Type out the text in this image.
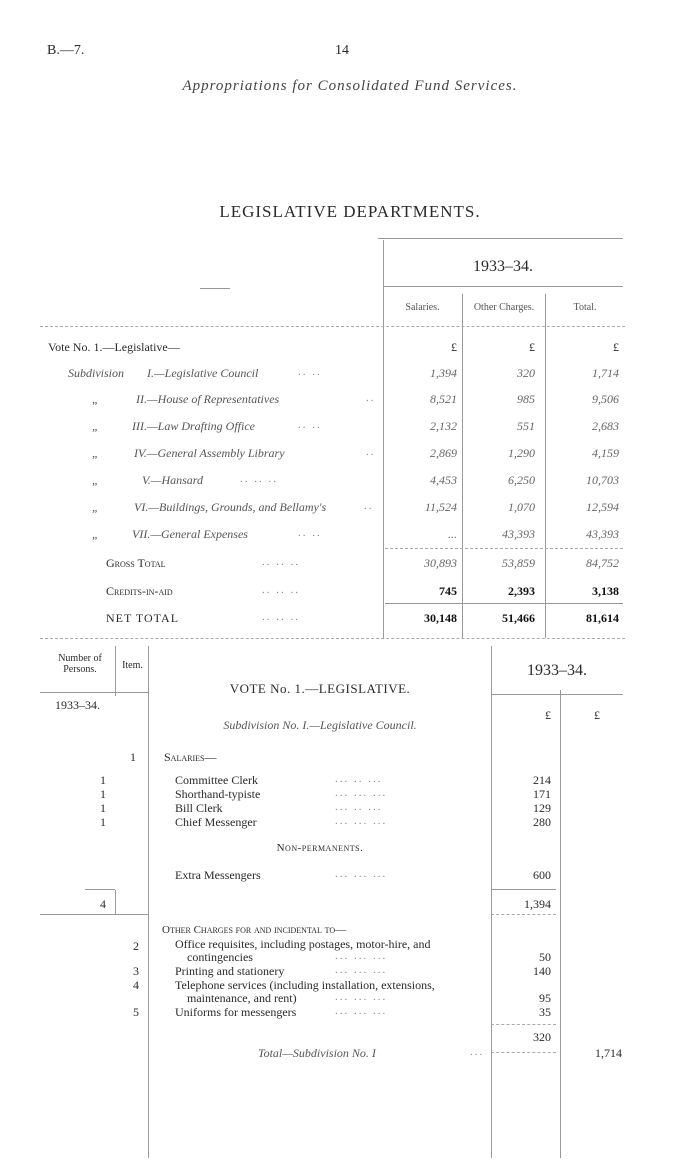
B.—7.	14
Appropriations for Consolidated Fund Services.
LEGISLATIVE DEPARTMENTS.
1933–34.
Salaries.	Other Charges.	Total.
Vote No. 1.—Legislative—	£	£	£
Subdivision I.—Legislative Council	.. ..	1,394	320	1,714
„	II.—House of Representatives	..	8,521	985	9,506
„	III.—Law Drafting Office	.. ..	2,132	551	2,683
„	IV.—General Assembly Library	..	2,869	1,290	4,159
„	V.—Hansard	.. .. ..	4,453	6,250	10,703
„	VI.—Buildings, Grounds, and Bellamy's	..	11,524	1,070	12,594
„	VII.—General Expenses	.. ..	...	43,393	43,393
Gross Total	.. .. ..	30,893	53,859	84,752
Credits-in-aid	.. .. ..	745	2,393	3,138
NET TOTAL	.. .. ..	30,148	51,466	81,614
Number of Persons.	Item.
1933–34.
VOTE No. 1.—LEGISLATIVE.
1933–34.
£	£
Subdivision No. I.—Legislative Council.
1 Salaries—
1	Committee Clerk	... .. ...	214
1	Shorthand-typiste	... ... ...	171
1	Bill Clerk	... .. ...	129
1	Chief Messenger	... ... ...	280
Non-permanents.
Extra Messengers	... ... ...	600
4	1,394
Other Charges for and incidental to—
2	Office requisites, including postages, motor-hire, and
contingencies	... ... ...	50
3	Printing and stationery	... ... ...	140
4	Telephone services (including installation, extensions,
maintenance, and rent)	... ... ...	95
5	Uniforms for messengers	... ... ...	35
320
Total—Subdivision No. I	...	1,714
